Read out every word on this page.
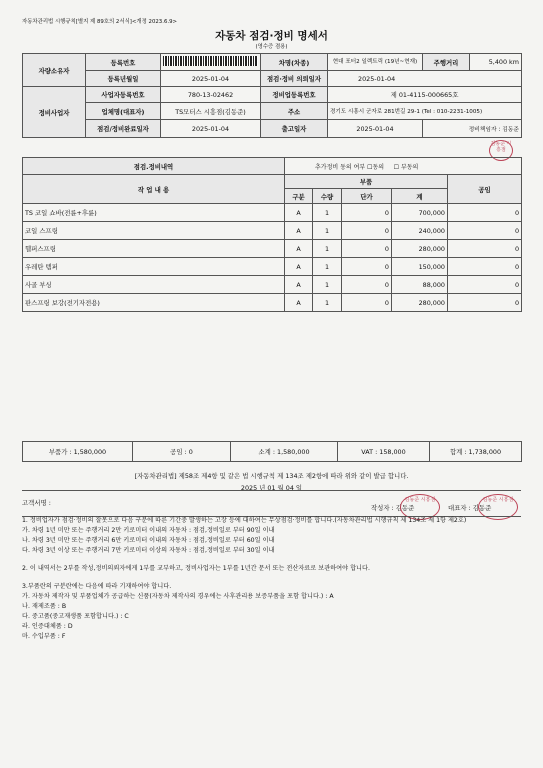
자동차관리법 시행규칙[별지 제 89호의 2서식]<개정 2023.6.9>
자동차 점검·정비 명세서
(영수증 겸용)
자량소유자	등록번호		차명(차종)	현대 포터2 일렉트릭 (19년~현재)	주행거리	5,400 km
	등록년월일	2025-01-04	점검·정비 의뢰일자	2025-01-04		
정비사업자	사업자등록번호	780-13-02462	정비업등록번호	제 01-4115-000665호		
	업체명(대표자)	TS모터스 시흥점(김동준)	주소	경기도 시흥시 군자로 281번길 29-1 (Tel : 010-2231-1005)		
	점검/정비완료일자	2025-01-04	출고일자	2025-01-04	정비책임자 : 김동준	
김동준 시흥점
점검.정비내역	추가정비 동의 여부 ☐동의 ☐ 부동의				
작 업 내 용	부품				공임
	구분	수량	단가	계	
TS 코일 쇼바(전륜+후륜)	A	1	0	700,000	0
코일 스프링	A	1	0	240,000	0
헬퍼스프링	A	1	0	280,000	0
우레탄 템퍼	A	1	0	150,000	0
사골 부싱	A	1	0	88,000	0
판스프링 보강(전기자전용)	A	1	0	280,000	0
부품가 : 1,580,000	공임 : 0	소계 : 1,580,000	VAT : 158,000	합계 : 1,738,000
[자동차관리법] 제58조 제4항 및 같은 법 시행규칙 제 134조 제2항에 따라 위와 같이 발급 합니다.
2025 년 01 월 04 일
고객서명 :
작성자 : 김동준
김동준 시흥점
대표자 : 김동준
김동준 시흥점

1. 정비업자가 점검·정비의 잘못으로 다음 구분에 따른 기간중 발생하는 고장 등에 대하여는 무상점검·정비를 합니다.(자동차관리법 시행규칙 제 134조 제 1항 제2호)

가. 차령 1년 미만 또는 주행거리 2만 키로미터 이내의 자동차 : 점검,정비일로 부터 90일 이내

나. 차령 3년 미만 또는 주행거리 6만 키로미터 이내의 자동차 : 점검,정비일로 부터 60일 이내

다. 차령 3년 이상 또는 주행거리 7만 키로미터 이상의 자동차 : 점검,정비일로 부터 30일 이내

2. 이 내역서는 2부를 작성,정비의뢰자에게 1부를 교부하고, 정비사업자는 1부를 1년간 문서 또는 전산자료로 보관하여야 합니다.

3.부품란의 구분란에는 다음에 따라 기재하여야 합니다.

가. 자동차 제작자 및 부품업체가 공급하는 신품(자동차 제작사의 경우에는 사후관리용 보증부품을 포함 합니다.) : A

나. 재제조품 : B

다. 중고품(중고재생품 포함합니다.) : C

라. 인증대체품 : D

마. 수입부품 : F
